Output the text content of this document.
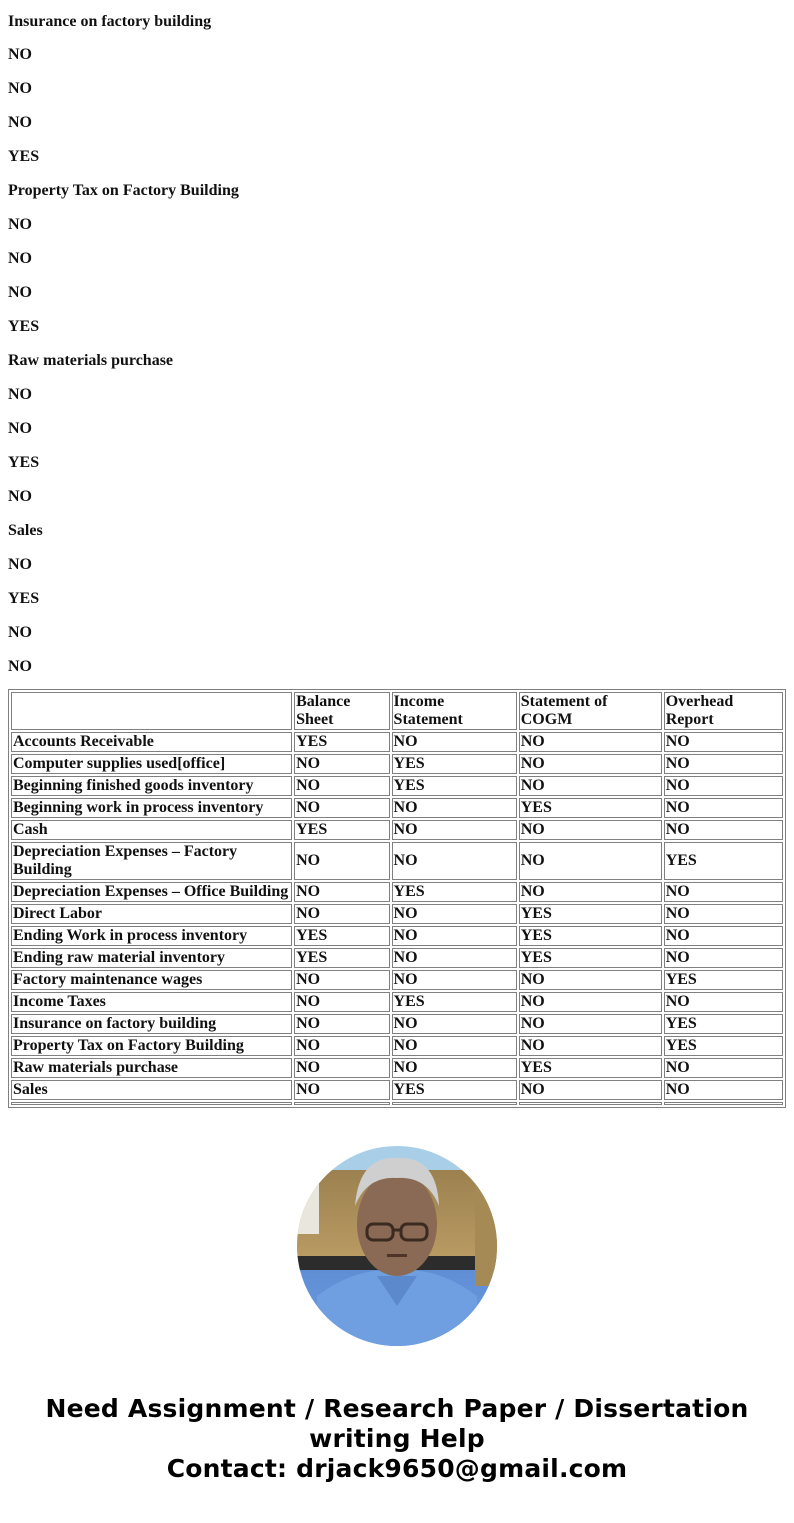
Insurance on factory building

NO

NO

NO

YES

Property Tax on Factory Building

NO

NO

NO

YES

Raw materials purchase

NO

NO

YES

NO

Sales

NO

YES

NO

NO

	Balance Sheet	Income Statement	Statement of COGM	Overhead Report
Accounts Receivable	YES	NO	NO	NO
Computer supplies used[office]	NO	YES	NO	NO
Beginning finished goods inventory	NO	YES	NO	NO
Beginning work in process inventory	NO	NO	YES	NO
Cash	YES	NO	NO	NO
Depreciation Expenses – Factory Building	NO	NO	NO	YES
Depreciation Expenses – Office Building	NO	YES	NO	NO
Direct Labor	NO	NO	YES	NO
Ending Work in process inventory	YES	NO	YES	NO
Ending raw material inventory	YES	NO	YES	NO
Factory maintenance wages	NO	NO	NO	YES
Income Taxes	NO	YES	NO	NO
Insurance on factory building	NO	NO	NO	YES
Property Tax on Factory Building	NO	NO	NO	YES
Raw materials purchase	NO	NO	YES	NO
Sales	NO	YES	NO	NO

Need Assignment / Research Paper / Dissertation
writing Help
Contact: drjack9650@gmail.com
